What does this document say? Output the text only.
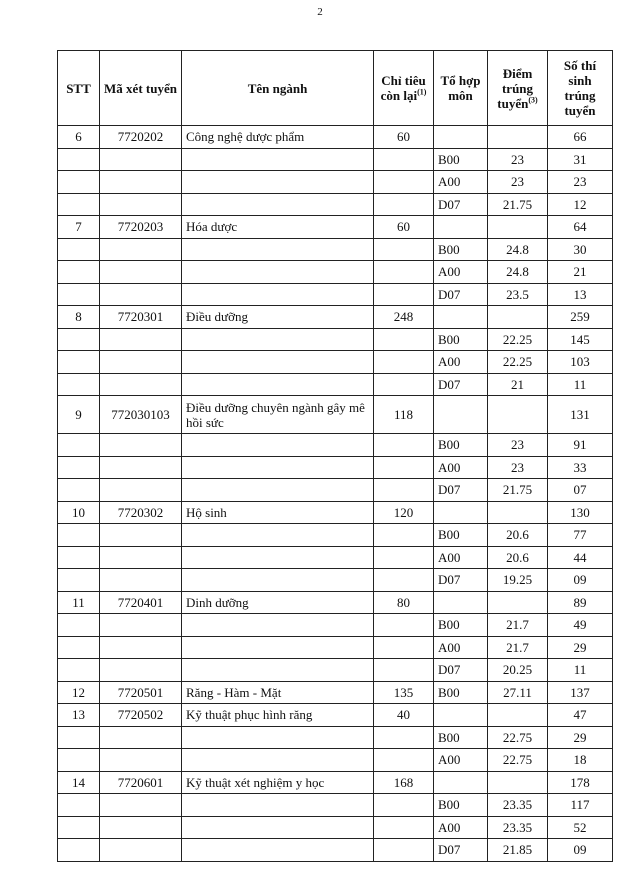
2
STT	Mã xét tuyển	Tên ngành	Chỉ tiêu còn lại$^{(1)}$	Tổ hợp môn	Điểm trúng tuyển$^{(3)}$	Số thí sinh trúng tuyển
6	7720202	Công nghệ dược phẩm	60			66
				B00	23	31
				A00	23	23
				D07	21.75	12
7	7720203	Hóa dược	60			64
				B00	24.8	30
				A00	24.8	21
				D07	23.5	13
8	7720301	Điều dưỡng	248			259
				B00	22.25	145
				A00	22.25	103
				D07	21	11
9	772030103	Điều dưỡng chuyên ngành gây mê hồi sức	118			131
				B00	23	91
				A00	23	33
				D07	21.75	07
10	7720302	Hộ sinh	120			130
				B00	20.6	77
				A00	20.6	44
				D07	19.25	09
11	7720401	Dinh dưỡng	80			89
				B00	21.7	49
				A00	21.7	29
				D07	20.25	11
12	7720501	Răng - Hàm - Mặt	135	B00	27.11	137
13	7720502	Kỹ thuật phục hình răng	40			47
				B00	22.75	29
				A00	22.75	18
14	7720601	Kỹ thuật xét nghiệm y học	168			178
				B00	23.35	117
				A00	23.35	52
				D07	21.85	09
